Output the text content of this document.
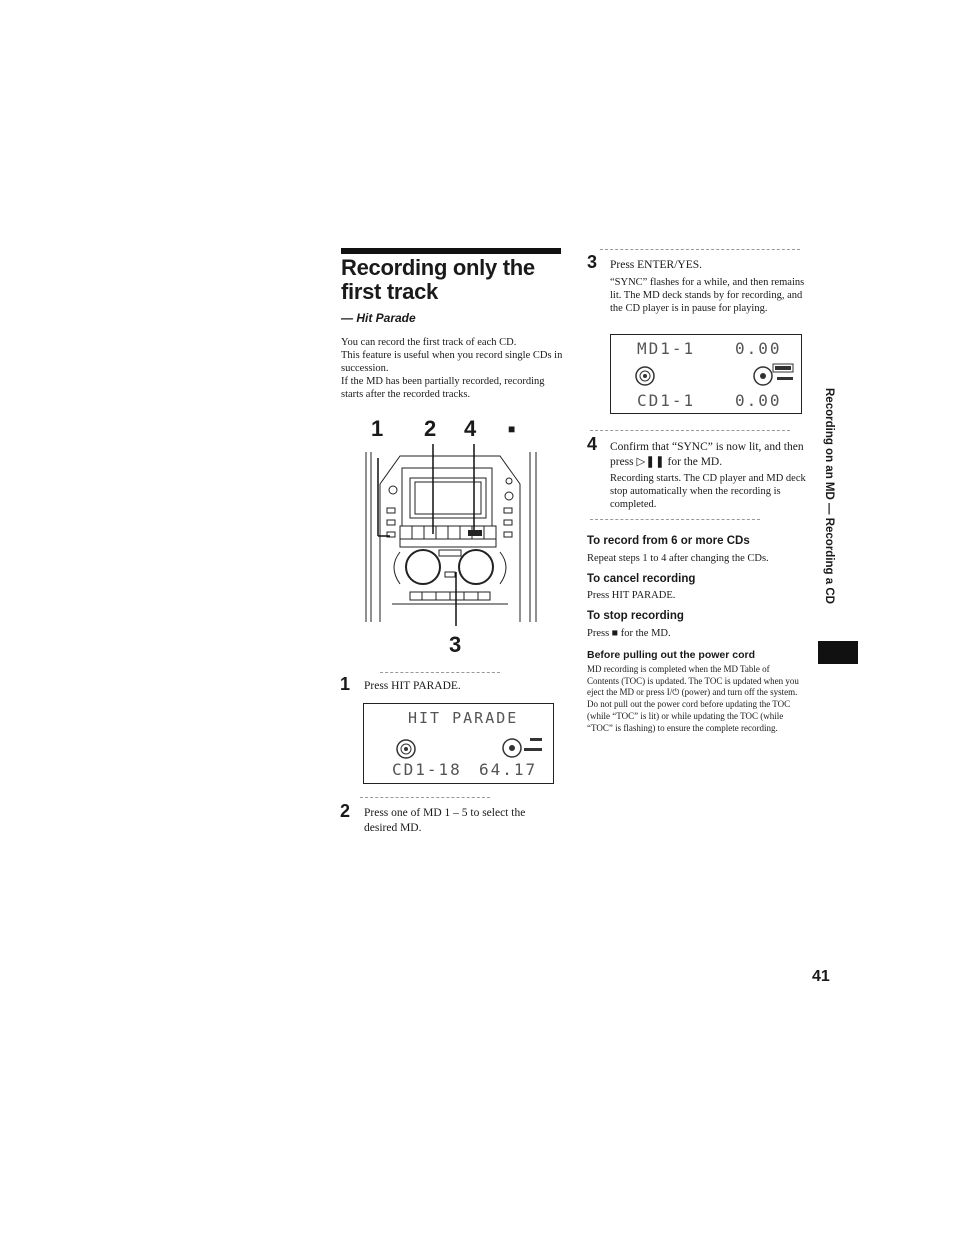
Recording only the first track
— Hit Parade

You can record the first track of each CD.

This feature is useful when you record single CDs in succession.

If the MD has been partially recorded, recording starts after the recorded tracks.

1 2 4	■
3
1 Press HIT PARADE.
HIT PARADE
CD1-18 64.17
2 Press one of MD 1 – 5 to select the desired MD.
3 Press ENTER/YES.
“SYNC” flashes for a while, and then remains lit. The MD deck stands by for recording, and the CD player is in pause for playing.
MD1-1 0.00
CD1-1 0.00
4 Confirm that “SYNC” is now lit, and then press ▷❚❚ for the MD.
Recording starts. The CD player and MD deck stop automatically when the recording is completed.
To record from 6 or more CDs
Repeat steps 1 to 4 after changing the CDs.
To cancel recording
Press HIT PARADE.
To stop recording
Press ■ for the MD.
Before pulling out the power cord
MD recording is completed when the MD Table of Contents (TOC) is updated. The TOC is updated when you eject the MD or press I/⏻ (power) and turn off the system. Do not pull out the power cord before updating the TOC (while “TOC” is lit) or while updating the TOC (while “TOC” is flashing) to ensure the complete recording.
Recording on an MD — Recording a CD
41
